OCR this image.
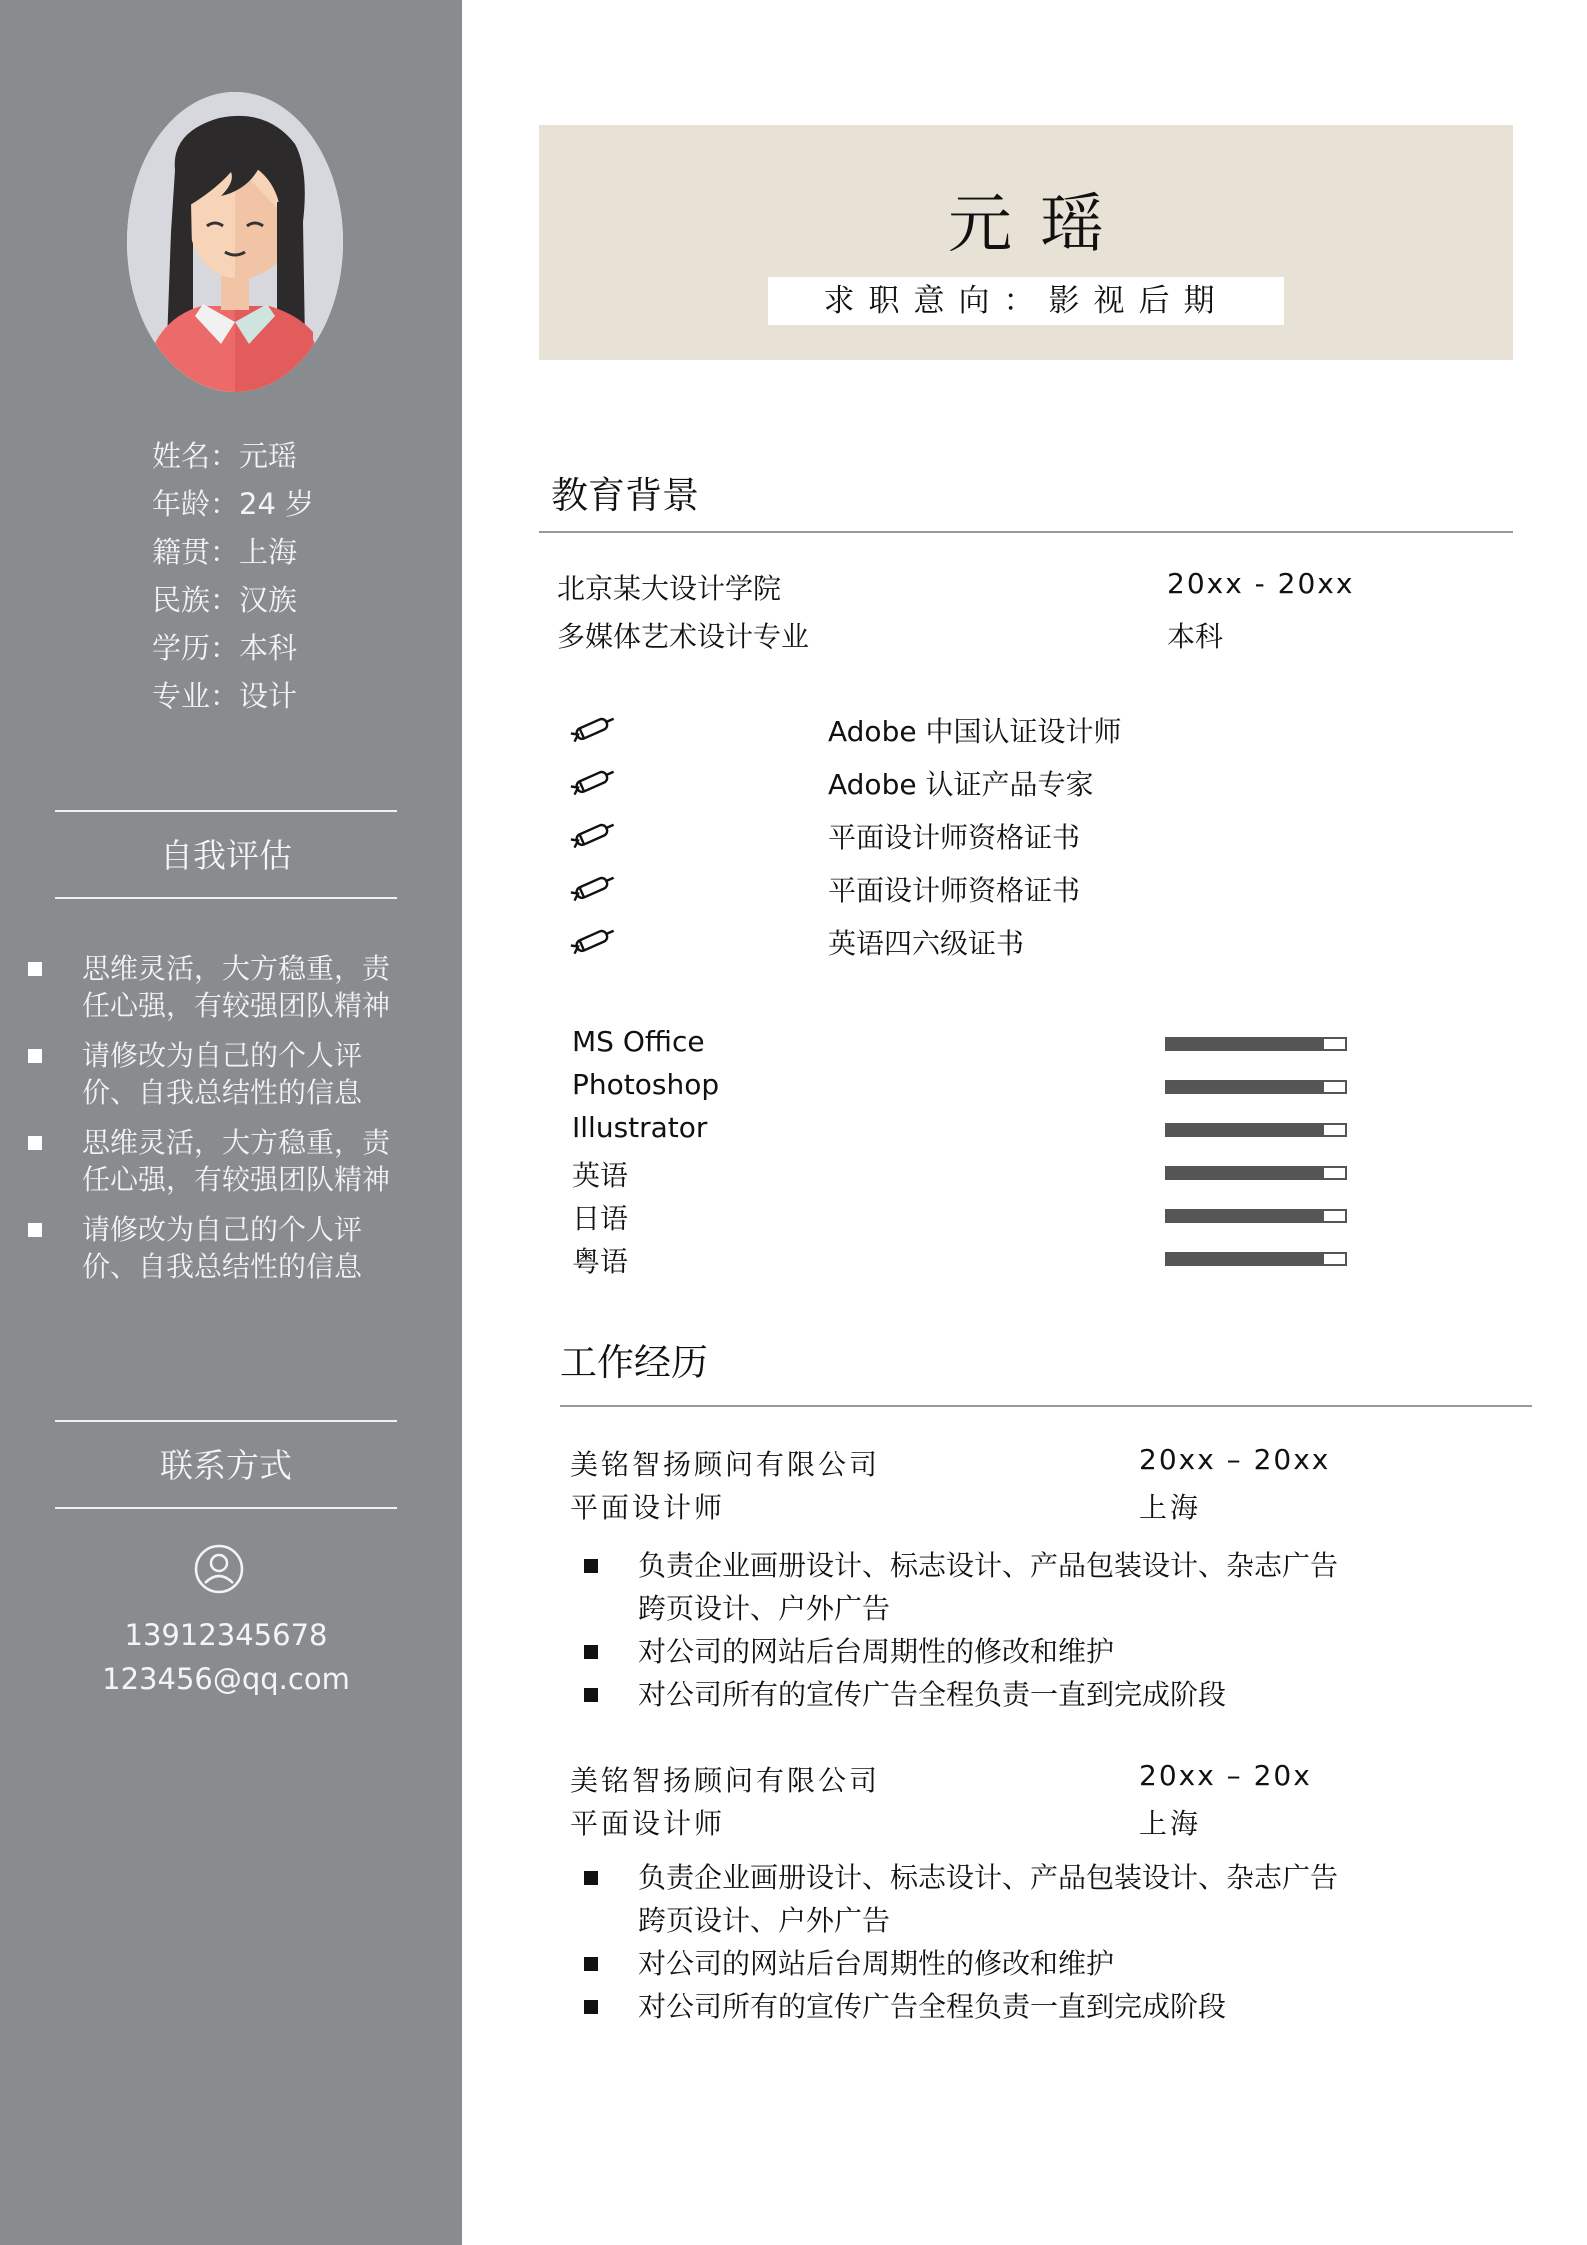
姓名：元瑶
年龄：24 岁
籍贯：上海
民族：汉族
学历：本科
专业：设计
自我评估
思维灵活，大方稳重，责任心强，有较强团队精神
请修改为自己的个人评价、自我总结性的信息
思维灵活，大方稳重，责任心强，有较强团队精神
请修改为自己的个人评价、自我总结性的信息
联系方式
13912345678
123456@qq.com
元瑶
求职意向：影视后期
教育背景
北京某大设计学院	20xx - 20xx
多媒体艺术设计专业	本科
Adobe 中国认证设计师
Adobe 认证产品专家
平面设计师资格证书
平面设计师资格证书
英语四六级证书
MS Office
Photoshop
Illustrator
英语
日语
粤语
工作经历
美铭智扬顾问有限公司	20xx – 20xx
平面设计师	上海
负责企业画册设计、标志设计、产品包装设计、杂志广告跨页设计、户外广告
对公司的网站后台周期性的修改和维护
对公司所有的宣传广告全程负责一直到完成阶段
美铭智扬顾问有限公司	20xx – 20x
平面设计师	上海
负责企业画册设计、标志设计、产品包装设计、杂志广告跨页设计、户外广告
对公司的网站后台周期性的修改和维护
对公司所有的宣传广告全程负责一直到完成阶段
